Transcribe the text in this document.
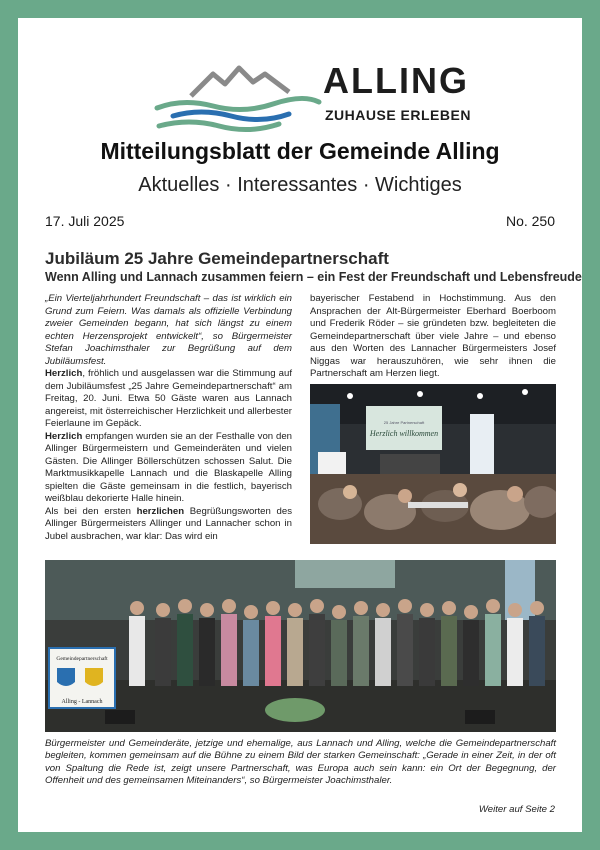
ALLING
ZUHAUSE ERLEBEN
Mitteilungsblatt der Gemeinde Alling
Aktuelles · Interessantes · Wichtiges
17. Juli 2025	No. 250
Jubiläum 25 Jahre Gemeindepartnerschaft
Wenn Alling und Lannach zusammen feiern – ein Fest der Freundschaft und Lebensfreude

„Ein Vierteljahrhundert Freundschaft – das ist wirklich ein Grund zum Feiern. Was damals als offizielle Verbindung zweier Gemeinden begann, hat sich längst zu einem echten Herzensprojekt entwickelt“, so Bürgermeister Stefan Joachimsthaler zur Begrüßung auf dem Jubiläumsfest.

Herzlich, fröhlich und ausgelassen war die Stimmung auf dem Jubiläumsfest „25 Jahre Gemeindepartnerschaft“ am Freitag, 20. Juni. Etwa 50 Gäste waren aus Lannach angereist, mit österreichischer Herzlichkeit und allerbester Feierlaune im Gepäck.

Herzlich empfangen wurden sie an der Festhalle von den Allinger Bürgermeistern und Gemeinderäten und vielen Gästen. Die Allinger Böllerschützen schossen Salut. Die Marktmusikkapelle Lannach und die Blaskapelle Alling spielten die Gäste gemeinsam in die festlich, bayerisch weißblau dekorierte Halle hinein.

Als bei den ersten herzlichen Begrüßungsworten des Allinger Bürgermeisters Allinger und Lannacher schon in Jubel ausbrachen, war klar: Das wird ein

bayerischer Festabend in Hochstimmung. Aus den Ansprachen der Alt-Bürgermeister Eberhard Boerboom und Frederik Röder – sie gründeten bzw. begleiteten die Gemeindepartnerschaft über viele Jahre – und ebenso aus den Worten des Lannacher Bürgermeisters Josef Niggas war herauszuhören, wie sehr ihnen die Partnerschaft am Herzen liegt.

25 Jahre Partnerschaft
Herzlich willkommen
Gemeindepartnerschaft
Alling - Lannach
Bürgermeister und Gemeinderäte, jetzige und ehemalige, aus Lannach und Alling, welche die Gemeindepartnerschaft begleiten, kommen gemeinsam auf die Bühne zu einem Bild der starken Gemeinschaft: „Gerade in einer Zeit, in der oft von Spaltung die Rede ist, zeigt unsere Partnerschaft, was Europa auch sein kann: ein Ort der Begegnung, der Offenheit und des gemeinsamen Miteinanders“, so Bürgermeister Joachimsthaler.
Weiter auf Seite 2
